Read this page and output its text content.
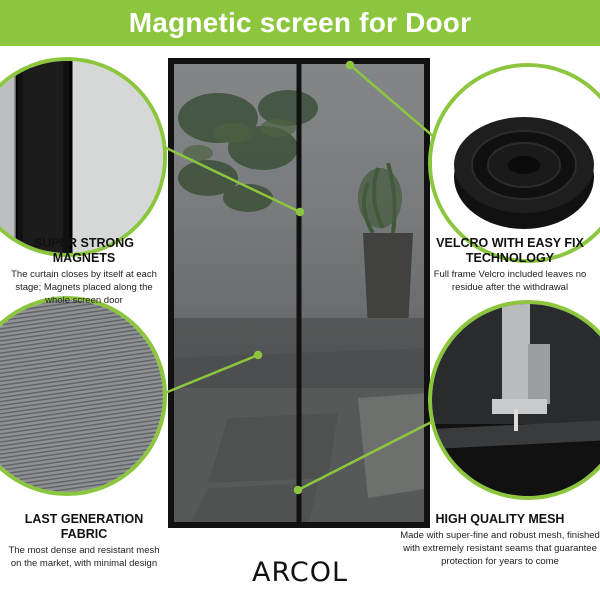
Magnetic screen for Door
SUPER STRONG MAGNETS
The curtain closes by itself at each stage; Magnets placed along the whole screen door
VELCRO WITH EASY FIX TECHNOLOGY
Full frame Velcro included leaves no residue after the withdrawal
LAST GENERATION FABRIC
The most dense and resistant mesh on the market, with minimal design
HIGH QUALITY MESH
Made with super-fine and robust mesh, finished with extremely resistant seams that guarantee protection for years to come
ARCOL
